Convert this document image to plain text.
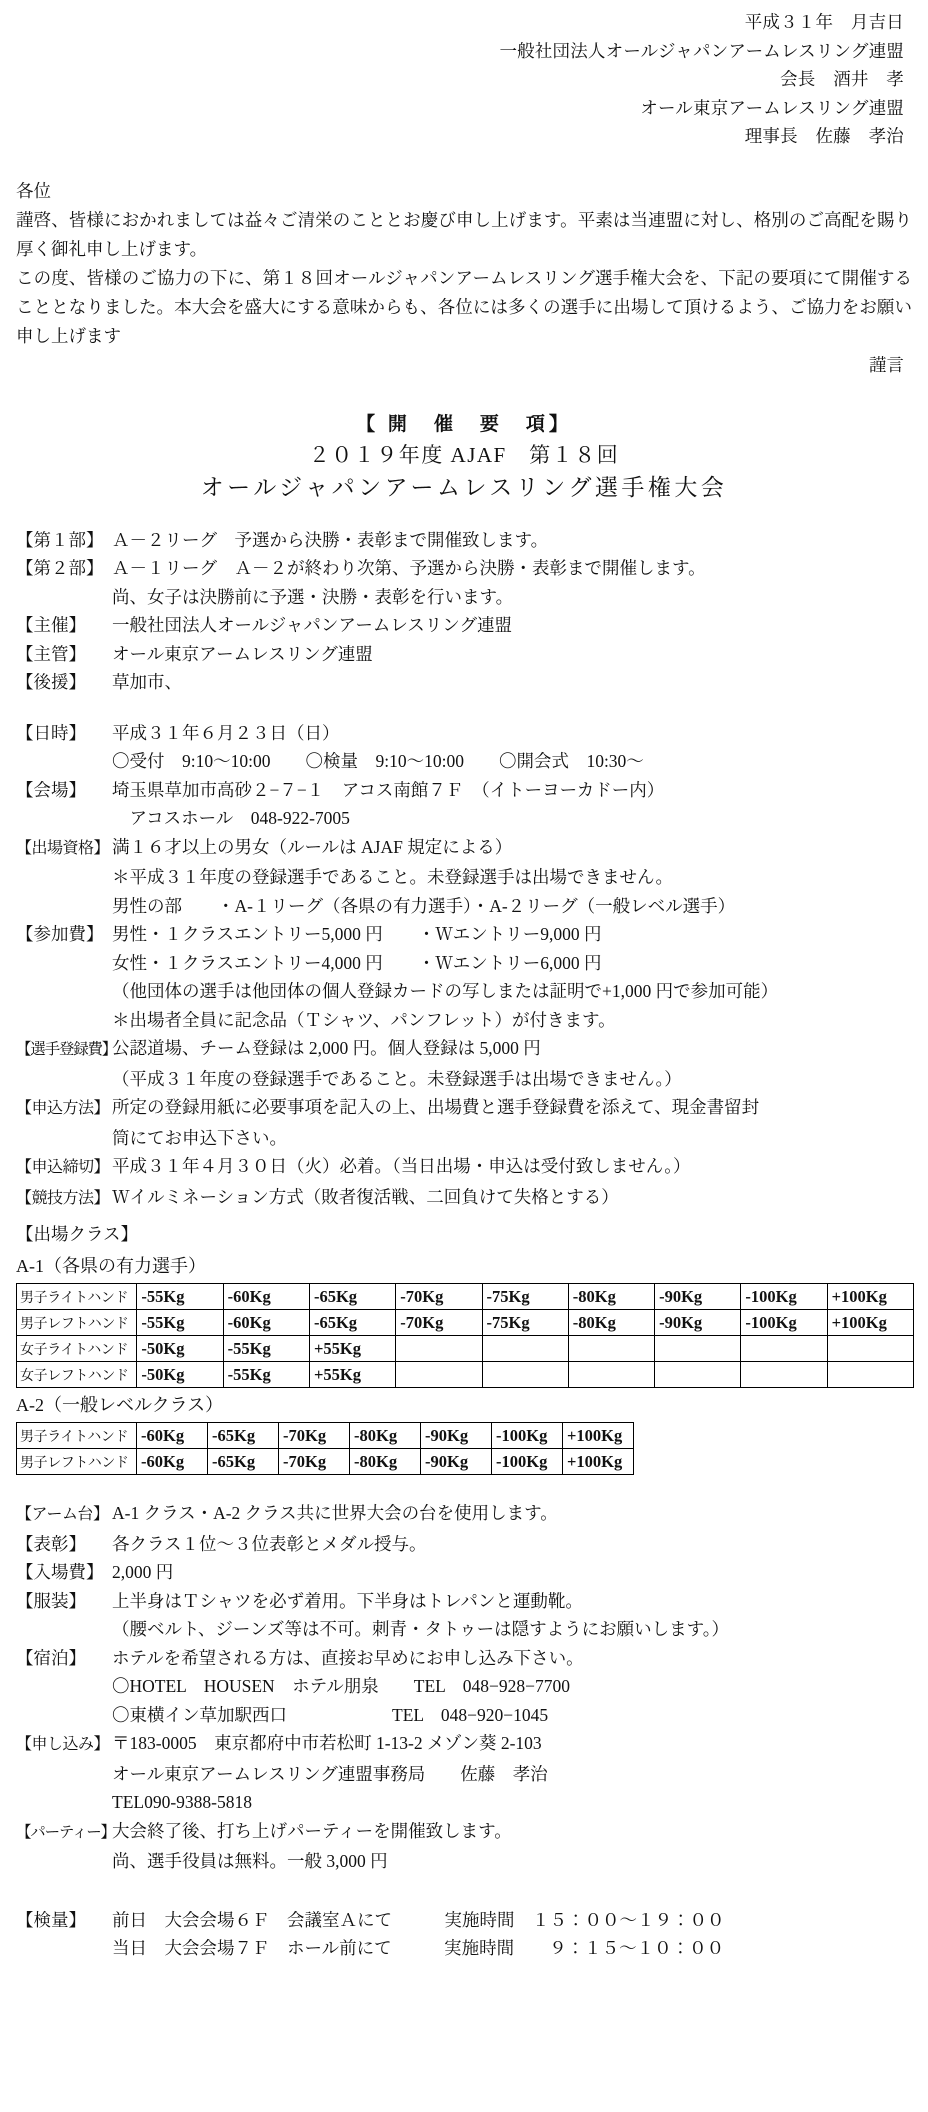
平成３１年　月吉日
一般社団法人オールジャパンアームレスリング連盟
会長　酒井　孝
オール東京アームレスリング連盟
理事長　佐藤　孝治
各位
謹啓、皆様におかれましては益々ご清栄のこととお慶び申し上げます。平素は当連盟に対し、格別のご高配を賜り厚く御礼申し上げます。
この度、皆様のご協力の下に、第１８回オールジャパンアームレスリング選手権大会を、下記の要項にて開催することとなりました。本大会を盛大にする意味からも、各位には多くの選手に出場して頂けるよう、ご協力をお願い申し上げます
謹言
【 開　催　要　項】
２０１９年度 AJAF　第１８回
オールジャパンアームレスリング選手権大会
【第１部】 Ａ－２リーグ　予選から決勝・表彰まで開催致します。
【第２部】 Ａ－１リーグ　Ａ－２が終わり次第、予選から決勝・表彰まで開催します。
尚、女子は決勝前に予選・決勝・表彰を行います。
【主催】	一般社団法人オールジャパンアームレスリング連盟
【主管】	オール東京アームレスリング連盟
【後援】	草加市、
【日時】	平成３１年６月２３日（日）
〇受付　9:10〜10:00　　〇検量　9:10〜10:00　　〇開会式　10:30〜
【会場】	埼玉県草加市高砂２−７−１　アコス南館７Ｆ　（イトーヨーカドー内）
　アコスホール　048-922-7005
【出場資格】 満１６才以上の男女（ルールは AJAF 規定による）
＊平成３１年度の登録選手であること。未登録選手は出場できません。
男性の部　　・A-１リーグ（各県の有力選手）・A-２リーグ（一般レベル選手）
【参加費】 男性・１クラスエントリー5,000 円　　・Ｗエントリー9,000 円
女性・１クラスエントリー4,000 円　　・Ｗエントリー6,000 円
（他団体の選手は他団体の個人登録カードの写しまたは証明で+1,000 円で参加可能）
＊出場者全員に記念品（Ｔシャツ、パンフレット）が付きます。
【選手登録費】
公認道場、チーム登録は 2,000 円。個人登録は 5,000 円
（平成３１年度の登録選手であること。未登録選手は出場できません。）
【申込方法】 所定の登録用紙に必要事項を記入の上、出場費と選手登録費を添えて、現金書留封
筒にてお申込下さい。
【申込締切】 平成３１年４月３０日（火）必着。（当日出場・申込は受付致しません。）
【競技方法】 Ｗイルミネーション方式（敗者復活戦、二回負けて失格とする）
【出場クラス】
A-1（各県の有力選手）
男子ライトハンド	-55Kg	-60Kg	-65Kg	-70Kg	-75Kg	-80Kg	-90Kg	-100Kg	+100Kg
男子レフトハンド	-55Kg	-60Kg	-65Kg	-70Kg	-75Kg	-80Kg	-90Kg	-100Kg	+100Kg
女子ライトハンド	-50Kg	-55Kg	+55Kg						
女子レフトハンド	-50Kg	-55Kg	+55Kg						
A-2（一般レベルクラス）
男子ライトハンド	-60Kg	-65Kg	-70Kg	-80Kg	-90Kg	-100Kg	+100Kg
男子レフトハンド	-60Kg	-65Kg	-70Kg	-80Kg	-90Kg	-100Kg	+100Kg
【アーム台】 A-1 クラス・A-2 クラス共に世界大会の台を使用します。
【表彰】	各クラス１位〜３位表彰とメダル授与。
【入場費】 2,000 円
【服装】	上半身はＴシャツを必ず着用。下半身はトレパンと運動靴。
（腰ベルト、ジーンズ等は不可。刺青・タトゥーは隠すようにお願いします。）
【宿泊】	ホテルを希望される方は、直接お早めにお申し込み下さい。
〇HOTEL　HOUSEN　ホテル朋泉　　TEL　048−928−7700
〇東横イン草加駅西口　　　　　　TEL　048−920−1045
【申し込み】 〒183-0005　東京都府中市若松町 1-13-2 メゾン葵 2-103
オール東京アームレスリング連盟事務局　　佐藤　孝治
TEL090-9388-5818
【パーティー】
大会終了後、打ち上げパーティーを開催致します。
尚、選手役員は無料。一般 3,000 円
【検量】	前日　大会会場６Ｆ　会議室Ａにて　　　実施時間　１５：００〜１９：００
当日　大会会場７Ｆ　ホール前にて　　　実施時間　　９：１５〜１０：００
